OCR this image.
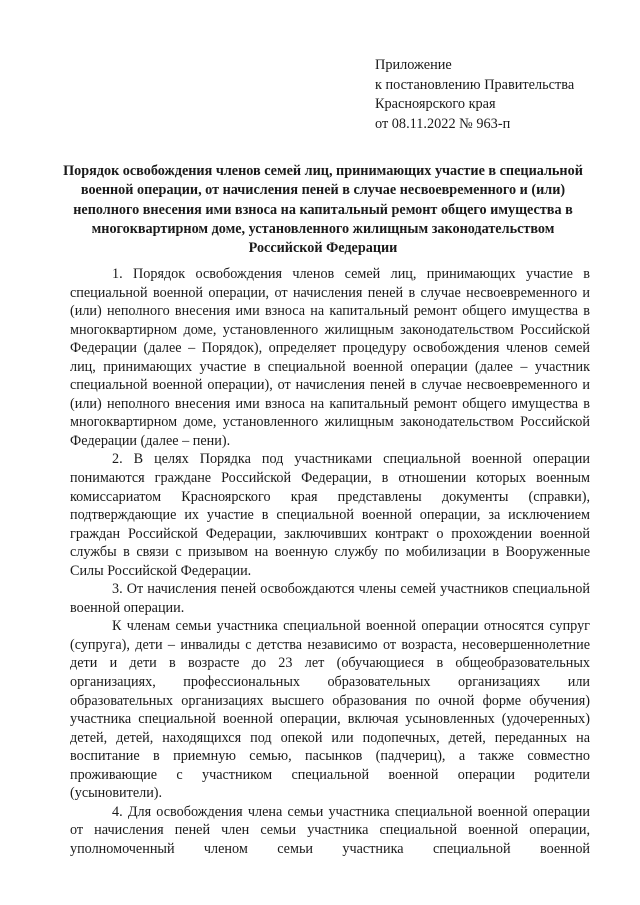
Приложение
к постановлению Правительства
Красноярского края
от 08.11.2022 № 963-п
Порядок освобождения членов семей лиц, принимающих участие в специальной военной операции, от начисления пеней в случае несвоевременного и (или) неполного внесения ими взноса на капитальный ремонт общего имущества в многоквартирном доме, установленного жилищным законодательством Российской Федерации

1. Порядок освобождения членов семей лиц, принимающих участие в специальной военной операции, от начисления пеней в случае несвоевременного и (или) неполного внесения ими взноса на капитальный ремонт общего имущества в многоквартирном доме, установленного жилищным законодательством Российской Федерации (далее – Порядок), определяет процедуру освобождения членов семей лиц, принимающих участие в специальной военной операции (далее – участник специальной военной операции), от начисления пеней в случае несвоевременного и (или) неполного внесения ими взноса на капитальный ремонт общего имущества в многоквартирном доме, установленного жилищным законодательством Российской Федерации (далее – пени).

2. В целях Порядка под участниками специальной военной операции понимаются граждане Российской Федерации, в отношении которых военным комиссариатом Красноярского края представлены документы (справки), подтверждающие их участие в специальной военной операции, за исключением граждан Российской Федерации, заключивших контракт о прохождении военной службы в связи с призывом на военную службу по мобилизации в Вооруженные Силы Российской Федерации.

3. От начисления пеней освобождаются члены семей участников специальной военной операции.

К членам семьи участника специальной военной операции относятся супруг (супруга), дети – инвалиды с детства независимо от возраста, несовершеннолетние дети и дети в возрасте до 23 лет (обучающиеся в общеобразовательных организациях, профессиональных образовательных организациях или образовательных организациях высшего образования по очной форме обучения) участника специальной военной операции, включая усыновленных (удочеренных) детей, детей, находящихся под опекой или подопечных, детей, переданных на воспитание в приемную семью, пасынков (падчериц), а также совместно проживающие с участником специальной военной операции родители (усыновители).

4. Для освобождения члена семьи участника специальной военной операции от начисления пеней член семьи участника специальной военной операции, уполномоченный членом семьи участника специальной военной
